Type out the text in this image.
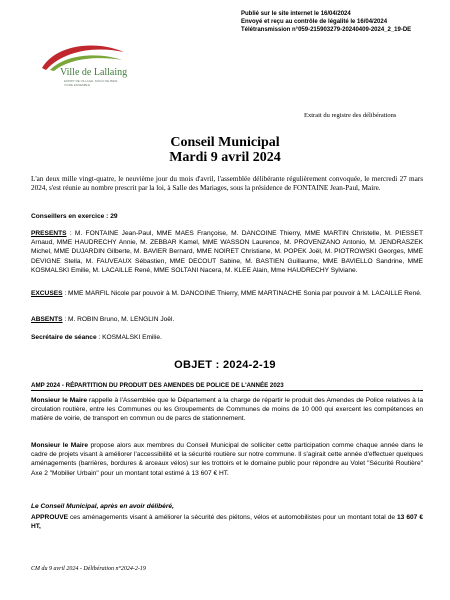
Publié sur le site internet le 16/04/2024
Envoyé et reçu au contrôle de légalité le 16/04/2024
Télétransmission n°059-215903279-20240409-2024_2_19-DE
Ville de Lallaing
ESPRIT DE VILLAGE, SOUCI DE BIEN-VIVRE ENSEMBLE
Extrait du registre des délibérations
Conseil Municipal
Mardi 9 avril 2024
L'an deux mille vingt-quatre, le neuvième jour du mois d'avril, l'assemblée délibérante régulièrement convoquée, le mercredi 27 mars 2024, s'est réunie au nombre prescrit par la loi, à Salle des Mariages, sous la présidence de FONTAINE Jean-Paul, Maire.
Conseillers en exercice : 29
PRESENTS : M. FONTAINE Jean-Paul, MME MAES Françoise, M. DANCOINE Thierry, MME MARTIN Christelle, M. PIESSET Arnaud, MME HAUDRECHY Annie, M. ZEBBAR Kamel, MME WASSON Laurence, M. PROVENZANO Antonio, M. JENDRASZEK Michel, MME DUJARDIN Gilberte, M. BAVIER Bernard, MME NOIRET Christiane, M. POPEK Joël, M. PIOTROWSKI Georges, MME DEVIGNE Stella, M. FAUVEAUX Sébastien, MME DECOUT Sabine, M. BASTIEN Guillaume, MME BAVIELLO Sandrine, MME KOSMALSKI Emilie, M. LACAILLE René, MME SOLTANI Nacera, M. KLEE Alain, Mme HAUDRECHY Sylviane.
EXCUSES : MME MARFIL Nicole par pouvoir à M. DANCOINE Thierry, MME MARTINACHE Sonia par pouvoir à M. LACAILLE René.
ABSENTS : M. ROBIN Bruno, M. LENGLIN Joël.
Secrétaire de séance : KOSMALSKI Emilie.
OBJET : 2024-2-19
AMP 2024 - RÉPARTITION DU PRODUIT DES AMENDES DE POLICE DE L'ANNÉE 2023
Monsieur le Maire rappelle à l'Assemblée que le Département a la charge de répartir le produit des Amendes de Police relatives à la circulation routière, entre les Communes ou les Groupements de Communes de moins de 10 000 qui exercent les compétences en matière de voirie, de transport en commun ou de parcs de stationnement.
Monsieur le Maire propose alors aux membres du Conseil Municipal de solliciter cette participation comme chaque année dans le cadre de projets visant à améliorer l'accessibilité et la sécurité routière sur notre commune. Il s'agirait cette année d'effectuer quelques aménagements (barrières, bordures & arceaux vélos) sur les trottoirs et le domaine public pour répondre au Volet "Sécurité Routière" Axe 2 "Mobilier Urbain" pour un montant total estimé à 13 607 € HT.
Le Conseil Municipal, après en avoir délibéré,
APPROUVE ces aménagements visant à améliorer la sécurité des piétons, vélos et automobilistes pour un montant total de 13 607 € HT,
CM du 9 avril 2024 - Délibération n°2024-2-19
